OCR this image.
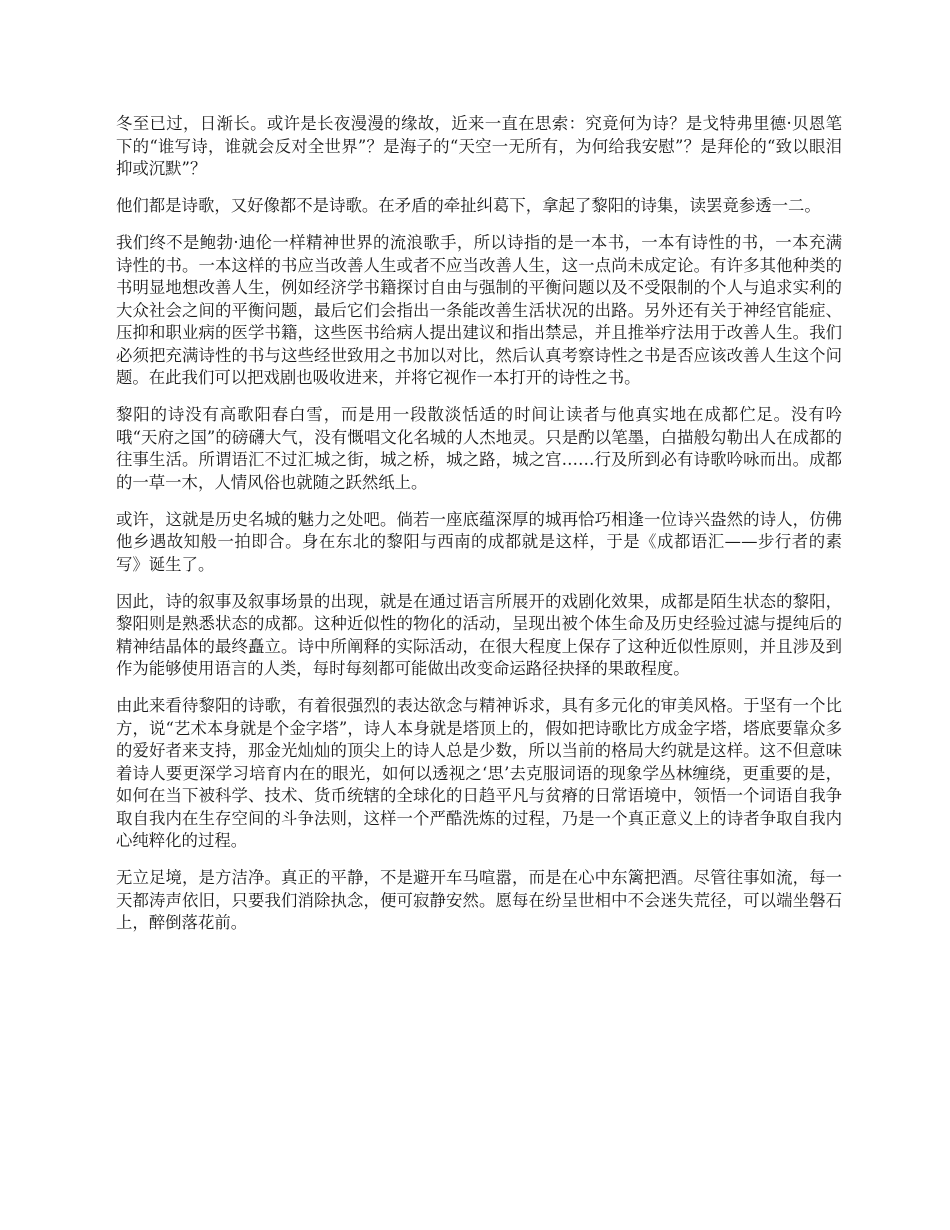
冬至已过，日渐长。或许是长夜漫漫的缘故，近来一直在思索：究竟何为诗？是戈特弗里德·贝恩笔下的“谁写诗，谁就会反对全世界”？是海子的“天空一无所有，为何给我安慰”？是拜伦的“致以眼泪抑或沉默”？

他们都是诗歌，又好像都不是诗歌。在矛盾的牵扯纠葛下，拿起了黎阳的诗集，读罢竟参透一二。

我们终不是鲍勃·迪伦一样精神世界的流浪歌手，所以诗指的是一本书，一本有诗性的书，一本充满诗性的书。一本这样的书应当改善人生或者不应当改善人生，这一点尚未成定论。有许多其他种类的书明显地想改善人生，例如经济学书籍探讨自由与强制的平衡问题以及不受限制的个人与追求实利的大众社会之间的平衡问题，最后它们会指出一条能改善生活状况的出路。另外还有关于神经官能症、压抑和职业病的医学书籍，这些医书给病人提出建议和指出禁忌，并且推举疗法用于改善人生。我们必须把充满诗性的书与这些经世致用之书加以对比，然后认真考察诗性之书是否应该改善人生这个问题。在此我们可以把戏剧也吸收进来，并将它视作一本打开的诗性之书。

黎阳的诗没有高歌阳春白雪，而是用一段散淡恬适的时间让读者与他真实地在成都伫足。没有吟哦“天府之国”的磅礴大气，没有慨唱文化名城的人杰地灵。只是酌以笔墨，白描般勾勒出人在成都的往事生活。所谓语汇不过汇城之街，城之桥，城之路，城之宫……行及所到必有诗歌吟咏而出。成都的一草一木，人情风俗也就随之跃然纸上。

或许，这就是历史名城的魅力之处吧。倘若一座底蕴深厚的城再恰巧相逢一位诗兴盎然的诗人，仿佛他乡遇故知般一拍即合。身在东北的黎阳与西南的成都就是这样，于是《成都语汇——步行者的素写》诞生了。

因此，诗的叙事及叙事场景的出现，就是在通过语言所展开的戏剧化效果，成都是陌生状态的黎阳，黎阳则是熟悉状态的成都。这种近似性的物化的活动，呈现出被个体生命及历史经验过滤与提纯后的精神结晶体的最终矗立。诗中所阐释的实际活动，在很大程度上保存了这种近似性原则，并且涉及到作为能够使用语言的人类，每时每刻都可能做出改变命运路径抉择的果敢程度。

由此来看待黎阳的诗歌，有着很强烈的表达欲念与精神诉求，具有多元化的审美风格。于坚有一个比方，说“艺术本身就是个金字塔”，诗人本身就是塔顶上的，假如把诗歌比方成金字塔，塔底要靠众多的爱好者来支持，那金光灿灿的顶尖上的诗人总是少数，所以当前的格局大约就是这样。这不但意味着诗人要更深学习培育内在的眼光，如何以透视之‘思’去克服词语的现象学丛林缠绕，更重要的是，如何在当下被科学、技术、货币统辖的全球化的日趋平凡与贫瘠的日常语境中，领悟一个词语自我争取自我内在生存空间的斗争法则，这样一个严酷洗炼的过程，乃是一个真正意义上的诗者争取自我内心纯粹化的过程。

无立足境，是方洁净。真正的平静，不是避开车马喧嚣，而是在心中东篱把酒。尽管往事如流，每一天都涛声依旧，只要我们消除执念，便可寂静安然。愿每在纷呈世相中不会迷失荒径，可以端坐磐石上，醉倒落花前。
